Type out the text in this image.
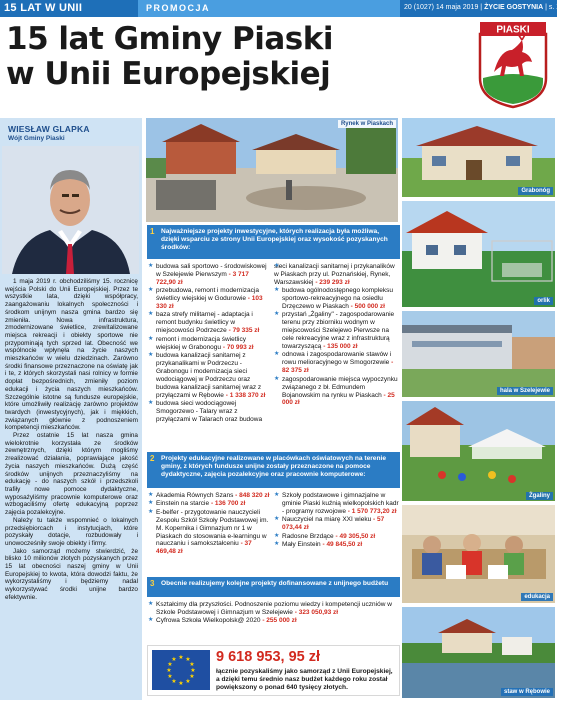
15 LAT W UNII	PROMOCJA	20 (1027) 14 maja 2019 | ŻYCIE GOSTYNIA | s. X
15 lat Gminy Piaski
w Unii Europejskiej
PIASKI
WIESŁAW GLAPKA
Wójt Gminy Piaski

1 maja 2019 r. obchodziliśmy 15. rocznicę wejścia Polski do Unii Europejskiej. Przez te wszystkie lata, dzięki współpracy, zaangażowaniu lokalnych społeczności i środkom unijnym nasza gmina bardzo się zmieniła. Nowa infrastruktura, zmodernizowane świetlice, zrewitalizowane miejsca rekreacji i obiekty sportowe nie przypominają tych sprzed lat. Obecność we wspólnocie wpłynęła na życie naszych mieszkańców w wielu dziedzinach. Zarówno środki finansowe przeznaczone na oświatę jak i te, z których skorzystali nasi rolnicy w formie dopłat bezpośrednich, zmieniły poziom edukacji i życia naszych mieszkańców. Szczególnie istotne są fundusze europejskie, które umożliwiły realizację zarówno projektów twardych (inwestycyjnych), jak i miękkich, związanych głównie z podnoszeniem kompetencji mieszkańców.

Przez ostatnie 15 lat nasza gmina wielokrotnie korzystała ze środków zewnętrznych, dzięki którym mogliśmy zrealizować działania, poprawiające jakość życia naszych mieszkańców. Dużą część środków unijnych przeznaczyliśmy na edukację - do naszych szkół i przedszkoli trafiły nowe pomoce dydaktyczne, wyposażyliśmy pracownie komputerowe oraz wzbogaciliśmy ofertę edukacyjną poprzez zajęcia pozalekcyjne.

Należy tu także wspomnieć o lokalnych przedsiębiorcach i instytucjach, które pozyskały dotacje, rozbudowały i unowocześniły swoje obiekty i firmy.

Jako samorząd możemy stwierdzić, że blisko 10 milionów złotych pozyskanych przez 15 lat obecności naszej gminy w Unii Europejskiej to kwota, która dowodzi faktu, że wykorzystaliśmy i będziemy nadal wykorzystywać środki unijne bardzo efektywnie.

Rynek w Piaskach
Grabonóg
orlik
hala w Szelejewie
Żgaliny
edukacja
staw w Rębowie
1 Najważniejsze projekty inwestycyjne, których realizacja była możliwa, dzięki wsparciu ze strony Unii Europejskiej oraz wysokość pozyskanych środków:
★ budowa sali sportowo - środowiskowej w Szelejewie Pierwszym - 3 717 722,90 zł
★ przebudowa, remont i modernizacja świetlicy wiejskiej w Godurowie - 103 330 zł
★ baza strefy militarnej - adaptacja i remont budynku świetlicy w miejscowości Podrzecze - 79 335 zł
★ remont i modernizacja świetlicy wiejskiej w Grabonogu - 70 993 zł
★ budowa kanalizacji sanitarnej z przykanalikami w Podrzeczu - Grabonogu i modernizacja sieci wodociągowej w Podrzeczu oraz budowa kanalizacji sanitarnej wraz z przyłączami w Rębowie - 1 338 370 zł
★ budowa sieci wodociągowej Smogorzewo - Talary wraz z przyłączami w Talarach oraz budowa
★ sieci kanalizacji sanitarnej i przykanalików w Piaskach przy ul. Poznańskiej, Rynek, Warszawskiej - 239 293 zł
★ budowa ogólnodostępnego kompleksu sportowo-rekreacyjnego na osiedlu Drzęczewo w Piaskach - 500 000 zł
★ przystań „Żgaliny" - zagospodarowanie terenu przy zbiorniku wodnym w miejscowości Szelejewo Pierwsze na cele rekreacyjne wraz z infrastrukturą towarzyszącą - 135 000 zł
★ odnowa i zagospodarowanie stawów i rowu melioracyjnego w Smogorzewie - 82 375 zł
★ zagospodarowanie miejsca wypoczynku związanego z bł. Edmundem Bojanowskim na rynku w Piaskach - 25 000 zł
2 Projekty edukacyjne realizowane w placówkach oświatowych na terenie gminy, z których fundusze unijne zostały przeznaczone na pomoce dydaktyczne, zajęcia pozalekcyjne oraz pracownie komputerowe:
★ Akademia Równych Szans - 848 320 zł
★ Einstein na starcie - 136 700 zł
★ E-belfer - przygotowanie nauczycieli Zespołu Szkół Szkoły Podstawowej im. M. Kopernika i Gimnazjum nr 1 w Piaskach do stosowania e-learningu w nauczaniu i samokształceniu - 37 469,48 zł
★ Szkoły podstawowe i gimnazjalne w gminie Piaski kuźnią wielkopolskich kadr - programy rozwojowe - 1 570 773,20 zł
★ Nauczyciel na miarę XXI wieku - 57 073,44 zł
★ Radosne Brzdące - 49 305,50 zł
★ Mały Einstein - 49 845,50 zł
3 Obecnie realizujemy kolejne projekty dofinansowane z unijnego budżetu
★ Kształcimy dla przyszłości. Podnoszenie poziomu wiedzy i kompetencji uczniów w Szkole Podstawowej i Gimnazjum w Szelejewie - 323 050,93 zł
★ Cyfrowa Szkoła Wielkopolsk@ 2020 - 255 000 zł
★ ★
★
★
★
★
★
★
★
★
★
★	9 618 953, 95 zł
łącznie pozyskaliśmy jako samorząd z Unii Europejskiej, a dzięki temu średnio nasz budżet każdego roku został powiększony o ponad 640 tysięcy złotych.
